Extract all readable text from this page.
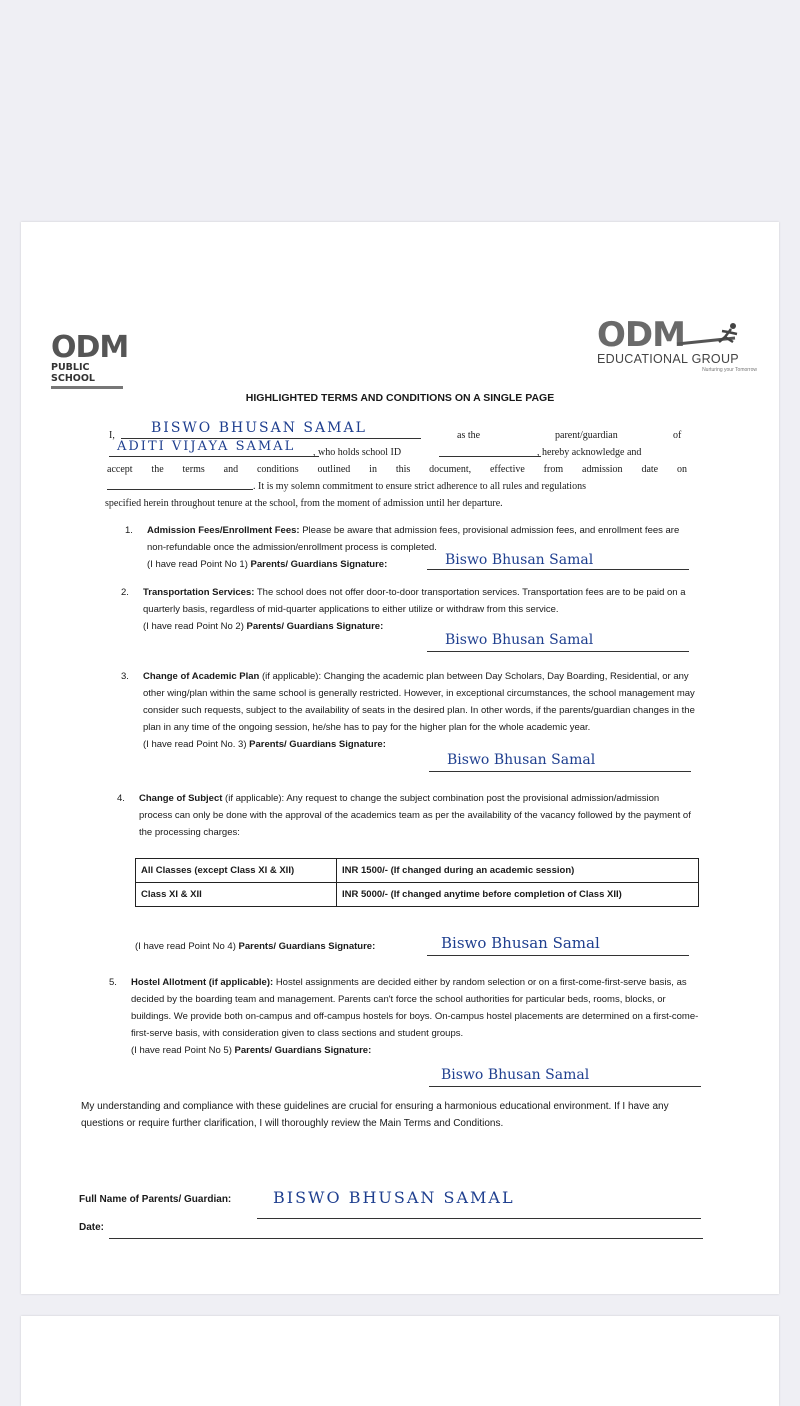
ODM
PUBLIC SCHOOL
ODM
EDUCATIONAL GROUP
Nurturing your Tomorrow
HIGHLIGHTED TERMS AND CONDITIONS ON A SINGLE PAGE
I,	BISWO BHUSAN SAMAL	as the	parent/guardian	of
ADITI VIJAYA SAMAL , who holds school ID	, hereby acknowledge and
accept the terms and conditions outlined in this document, effective from admission date on
. It is my solemn commitment to ensure strict adherence to all rules and regulations
specified herein throughout tenure at the school, from the moment of admission until her departure.
1. Admission Fees/Enrollment Fees: Please be aware that admission fees, provisional admission fees, and enrollment fees are non-refundable once the admission/enrollment process is completed.
(I have read Point No 1) Parents/ Guardians Signature:	Biswo Bhusan Samal
2. Transportation Services: The school does not offer door-to-door transportation services. Transportation fees are to be paid on a quarterly basis, regardless of mid-quarter applications to either utilize or withdraw from this service.
(I have read Point No 2) Parents/ Guardians Signature:
Biswo Bhusan Samal
3. Change of Academic Plan (if applicable): Changing the academic plan between Day Scholars, Day Boarding, Residential, or any other wing/plan within the same school is generally restricted. However, in exceptional circumstances, the school management may consider such requests, subject to the availability of seats in the desired plan. In other words, if the parents/guardian changes in the plan in any time of the ongoing session, he/she has to pay for the higher plan for the whole academic year.
(I have read Point No. 3) Parents/ Guardians Signature:
Biswo Bhusan Samal
4. Change of Subject (if applicable): Any request to change the subject combination post the provisional admission/admission process can only be done with the approval of the academics team as per the availability of the vacancy followed by the payment of the processing charges:
All Classes (except Class XI & XII)	INR 1500/- (If changed during an academic session)
Class XI & XII	INR 5000/- (If changed anytime before completion of Class XII)
(I have read Point No 4) Parents/ Guardians Signature:	Biswo Bhusan Samal
5. Hostel Allotment (if applicable): Hostel assignments are decided either by random selection or on a first-come-first-serve basis, as decided by the boarding team and management. Parents can't force the school authorities for particular beds, rooms, blocks, or buildings. We provide both on-campus and off-campus hostels for boys. On-campus hostel placements are determined on a first-come-first-serve basis, with consideration given to class sections and student groups.
(I have read Point No 5) Parents/ Guardians Signature:
Biswo Bhusan Samal
My understanding and compliance with these guidelines are crucial for ensuring a harmonious educational environment. If I have any questions or require further clarification, I will thoroughly review the Main Terms and Conditions.
Full Name of Parents/ Guardian:	BISWO BHUSAN SAMAL
Date:
